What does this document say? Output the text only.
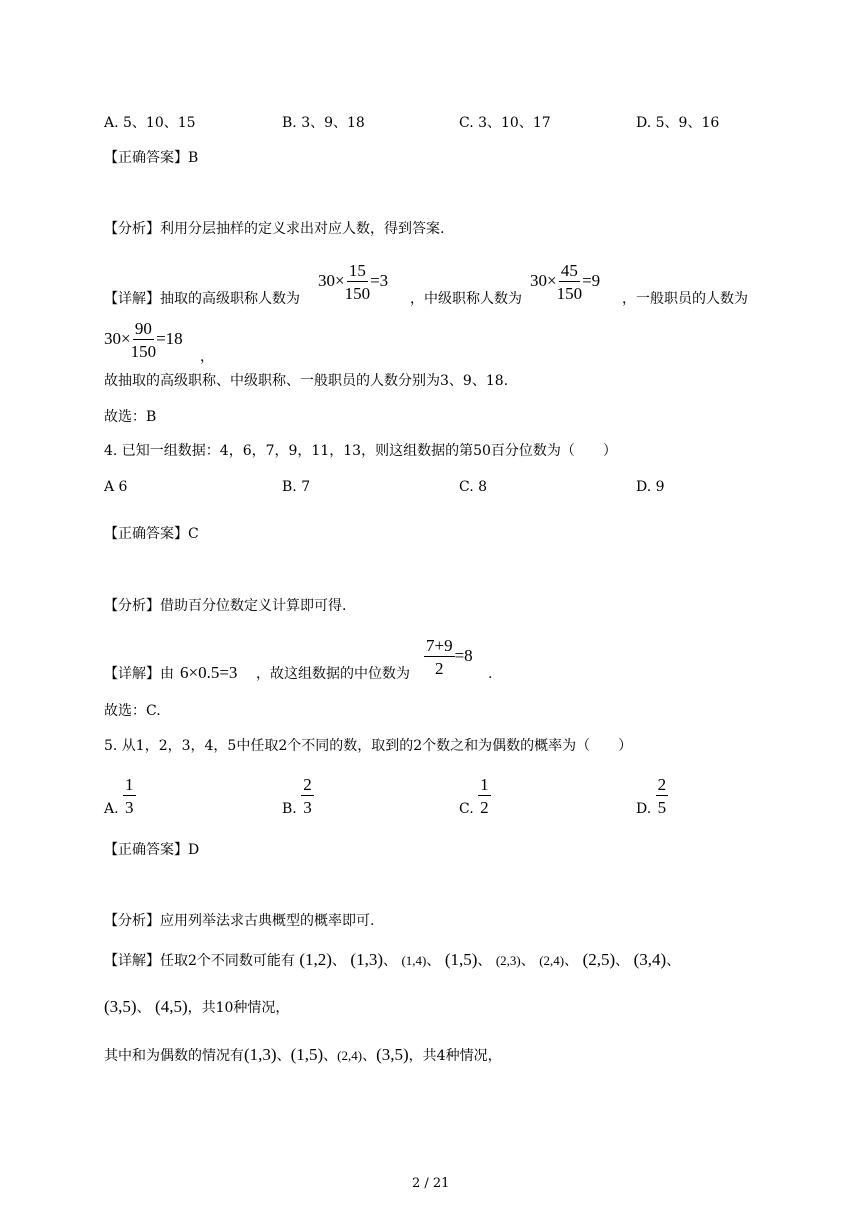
A. 5、10、15	B. 3、9、18	C. 3、10、17	D. 5、9、16
【正确答案】B
【分析】利用分层抽样的定义求出对应人数，得到答案.
【详解】抽取的高级职称人数为
$30\times \frac{15}{150} =3$
，中级职称人数为
$30\times \frac{45}{150} =9$
，一般职员的人数为
$30\times \frac{90}{150} =18$
，
故抽取的高级职称、中级职称、一般职员的人数分别为3、9、18.
故选：B
4. 已知一组数据：4，6，7，9，11，13，则这组数据的第50百分位数为（　　）
A 6	B. 7	C. 8	D. 9
【正确答案】C
【分析】借助百分位数定义计算即可得.
【详解】由 6×0.5=3 ，故这组数据的中位数为 $\frac{7+9}{2} =8$
.
故选：C.
5. 从1，2，3，4，5中任取2个不同的数，取到的2个数之和为偶数的概率为（　　）
A. $\frac{1}{3}$	B. $\frac{2}{3}$	C. $\frac{1}{2}$	D. $\frac{2}{5}$
【正确答案】D
【分析】应用列举法求古典概型的概率即可.
【详解】任取2个不同数可能有 (1,2)、 (1,3)、 (1,4)、 (1,5)、 (2,3)、 (2,4)、 (2,5)、 (3,4)、
(3,5)、 (4,5)，共10种情况，
其中和为偶数的情况有(1,3)、(1,5)、(2,4)、(3,5)，共4种情况，
2 / 21
